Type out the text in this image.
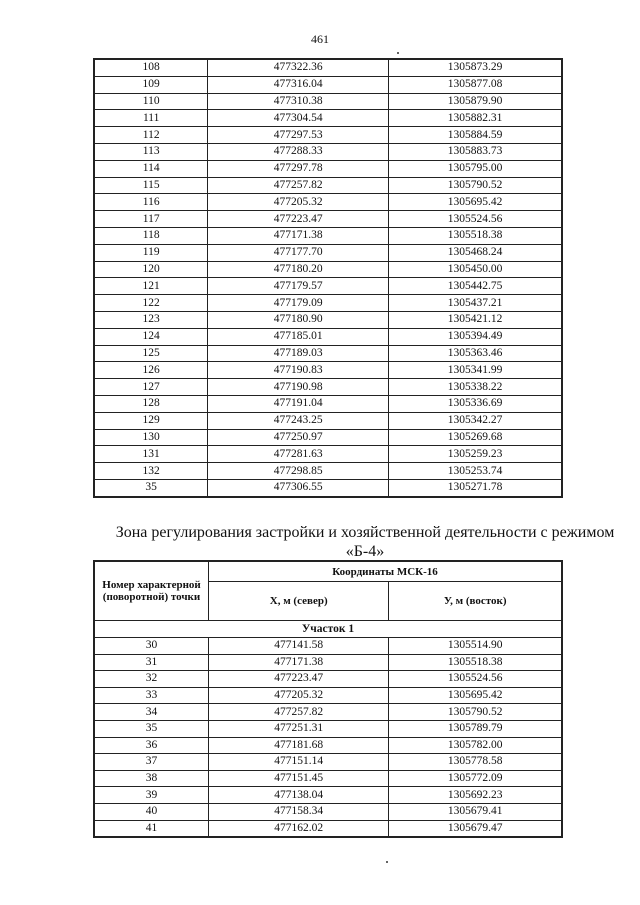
461
108	477322.36	1305873.29
109	477316.04	1305877.08
110	477310.38	1305879.90
111	477304.54	1305882.31
112	477297.53	1305884.59
113	477288.33	1305883.73
114	477297.78	1305795.00
115	477257.82	1305790.52
116	477205.32	1305695.42
117	477223.47	1305524.56
118	477171.38	1305518.38
119	477177.70	1305468.24
120	477180.20	1305450.00
121	477179.57	1305442.75
122	477179.09	1305437.21
123	477180.90	1305421.12
124	477185.01	1305394.49
125	477189.03	1305363.46
126	477190.83	1305341.99
127	477190.98	1305338.22
128	477191.04	1305336.69
129	477243.25	1305342.27
130	477250.97	1305269.68
131	477281.63	1305259.23
132	477298.85	1305253.74
35	477306.55	1305271.78
Зона регулирования застройки и хозяйственной деятельности с режимом «Б-4»
Номер характерной (поворотной) точки	Координаты МСК-16	
	X, м (север)	У, м (восток)
Участок 1		
30	477141.58	1305514.90
31	477171.38	1305518.38
32	477223.47	1305524.56
33	477205.32	1305695.42
34	477257.82	1305790.52
35	477251.31	1305789.79
36	477181.68	1305782.00
37	477151.14	1305778.58
38	477151.45	1305772.09
39	477138.04	1305692.23
40	477158.34	1305679.41
41	477162.02	1305679.47
